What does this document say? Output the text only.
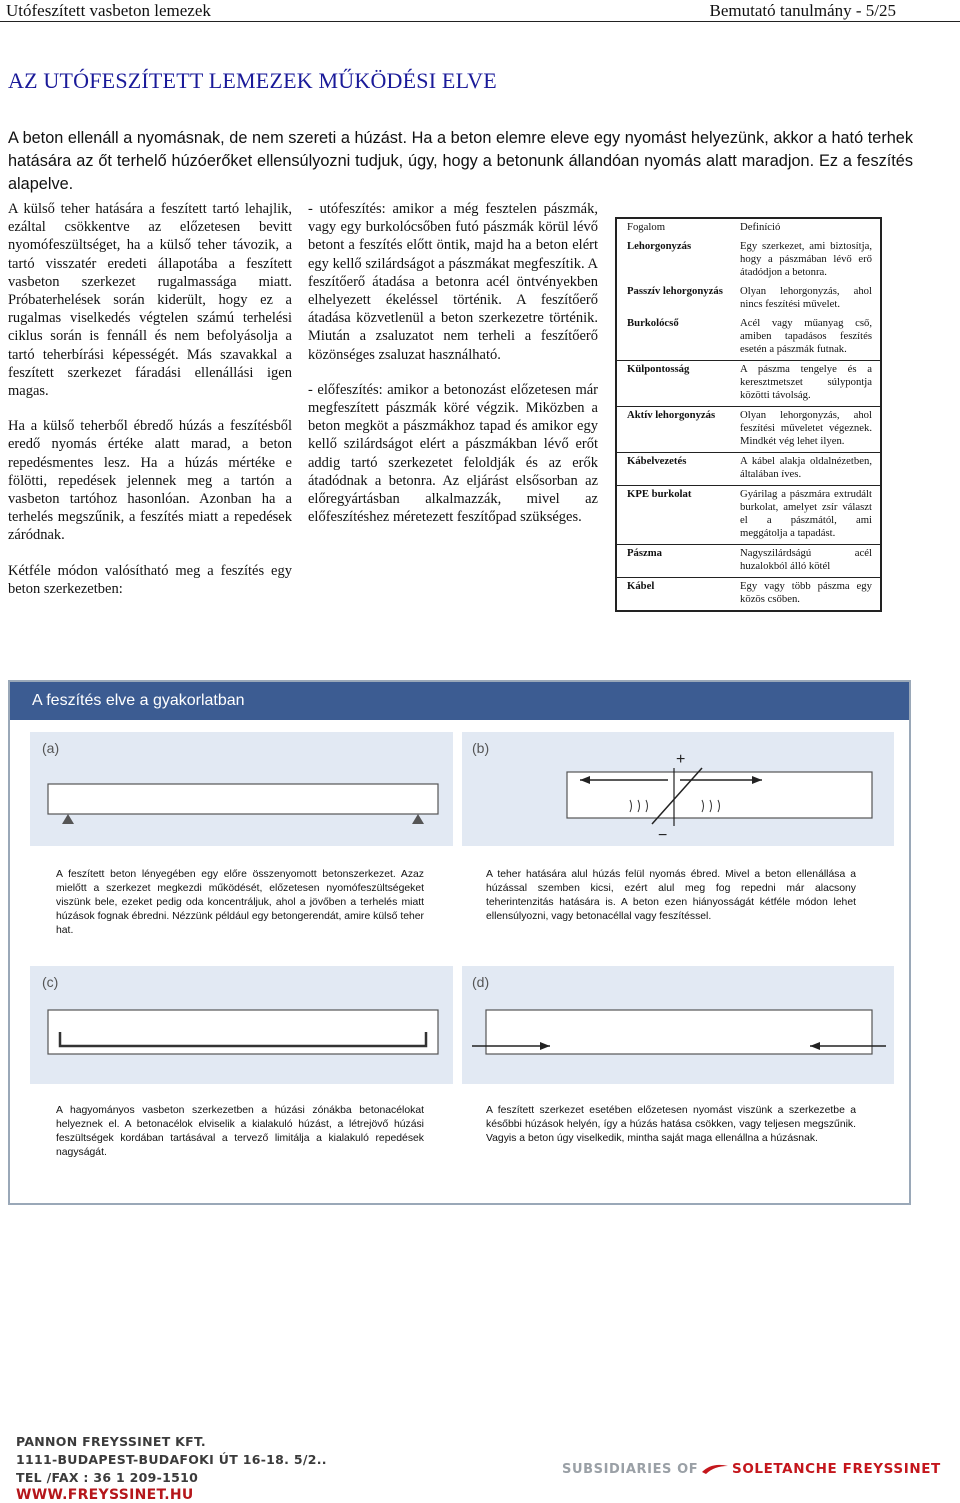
Utófeszített vasbeton lemezek	Bemutató tanulmány - 5/25
AZ UTÓFESZÍTETT LEMEZEK MŰKÖDÉSI ELVE
A beton ellenáll a nyomásnak, de nem szereti a húzást. Ha a beton elemre eleve egy nyomást helyezünk, akkor a ható terhek hatására az őt terhelő húzóerőket ellensúlyozni tudjuk, úgy, hogy a betonunk állandóan nyomás alatt maradjon. Ez a feszítés alapelve.

A külső teher hatására a feszített tartó lehajlik, ezáltal csökkentve az előzetesen bevitt nyomófeszültséget, ha a külső teher távozik, a tartó visszatér eredeti állapotába a feszített vasbeton szerkezet rugalmassága miatt. Próbaterhelések során kiderült, hogy ez a rugalmas viselkedés végtelen számú terhelési ciklus során is fennáll és nem befolyásolja a tartó teherbírási képességét. Más szavakkal a feszített szerkezet fáradási ellenállási igen magas.

Ha a külső teherből ébredő húzás a feszítésből eredő nyomás értéke alatt marad, a beton repedésmentes lesz. Ha a húzás mértéke e fölötti, repedések jelennek meg a tartón a vasbeton tartóhoz hasonlóan. Azonban ha a terhelés megszűnik, a feszítés miatt a repedések záródnak.

Kétféle módon valósítható meg a feszítés egy beton szerkezetben:

- utófeszítés: amikor a még fesztelen pászmák, vagy egy burkolócsőben futó pászmák körül lévő betont a feszítés előtt öntik, majd ha a beton elért egy kellő szilárdságot a pászmákat megfeszítik. A feszítőerő átadása a betonra acél öntvényekben elhelyezett ékeléssel történik. A feszítőerő átadása közvetlenül a beton szerkezetre történik. Miután a zsaluzatot nem terheli a feszítőerő közönséges zsaluzat használható.

- előfeszítés: amikor a betonozást előzetesen már megfeszített pászmák köré végzik. Miközben a beton megköt a pászmákhoz tapad és amikor egy kellő szilárdságot elért a pászmákban lévő erőt addig tartó szerkezetet feloldják és az erők átadódnak a betonra. Az eljárást elsősorban az előregyártásban alkalmazzák, mivel az előfeszítéshez méretezett feszítőpad szükséges.

Fogalom	Definíció
Lehorgonyzás	Egy szerkezet, ami biztosítja, hogy a pászmában lévő erő átadódjon a betonra.
Passzív lehorgonyzás	Olyan lehorgonyzás, ahol nincs feszítési művelet.
Burkolócső	Acél vagy műanyag cső, amiben tapadásos feszítés esetén a pászmák futnak.
Külpontosság	A pászma tengelye és a keresztmetszet súlypontja közötti távolság.
Aktív lehorgonyzás	Olyan lehorgonyzás, ahol feszítési műveletet végeznek. Mindkét vég lehet ilyen.
Kábelvezetés	A kábel alakja oldalnézetben, általában íves.
KPE burkolat	Gyárilag a pászmára extrudált burkolat, amelyet zsír választ el a pászmától, ami meggátolja a tapadást.
Pászma	Nagyszilárdságú acél huzalokból álló kötél
Kábel	Egy vagy több pászma egy közös csőben.
A feszítés elve a gyakorlatban
(a)	(b)
+
−
A feszített beton lényegében egy előre összenyomott betonszerkezet. Azaz mielőtt a szerkezet megkezdi működését, előzetesen nyomófeszültségeket viszünk bele, ezeket pedig oda koncentráljuk, ahol a jövőben a terhelés miatt húzások fognak ébredni. Nézzünk például egy betongerendát, amire külső teher hat.
A teher hatására alul húzás felül nyomás ébred. Mivel a beton ellenállása a húzással szemben kicsi, ezért alul meg fog repedni már alacsony teherintenzitás hatására is. A beton ezen hiányosságát kétféle módon lehet ellensúlyozni, vagy betonacéllal vagy feszítéssel.
(c)	(d)
A hagyományos vasbeton szerkezetben a húzási zónákba betonacélokat helyeznek el. A betonacélok elviselik a kialakuló húzást, a létrejövő húzási feszültségek kordában tartásával a tervező limitálja a kialakuló repedések nagyságát.
A feszített szerkezet esetében előzetesen nyomást viszünk a szerkezetbe a későbbi húzások helyén, így a húzás hatása csökken, vagy teljesen megszűnik. Vagyis a beton úgy viselkedik, mintha saját maga ellenállna a húzásnak.
PANNON FREYSSINET KFT.
1111-BUDAPEST-BUDAFOKI ÚT 16-18. 5/2..
TEL /FAX : 36 1 209-1510
WWW.FREYSSINET.HU
SUBSIDIARIES OF SOLETANCHE FREYSSINET
